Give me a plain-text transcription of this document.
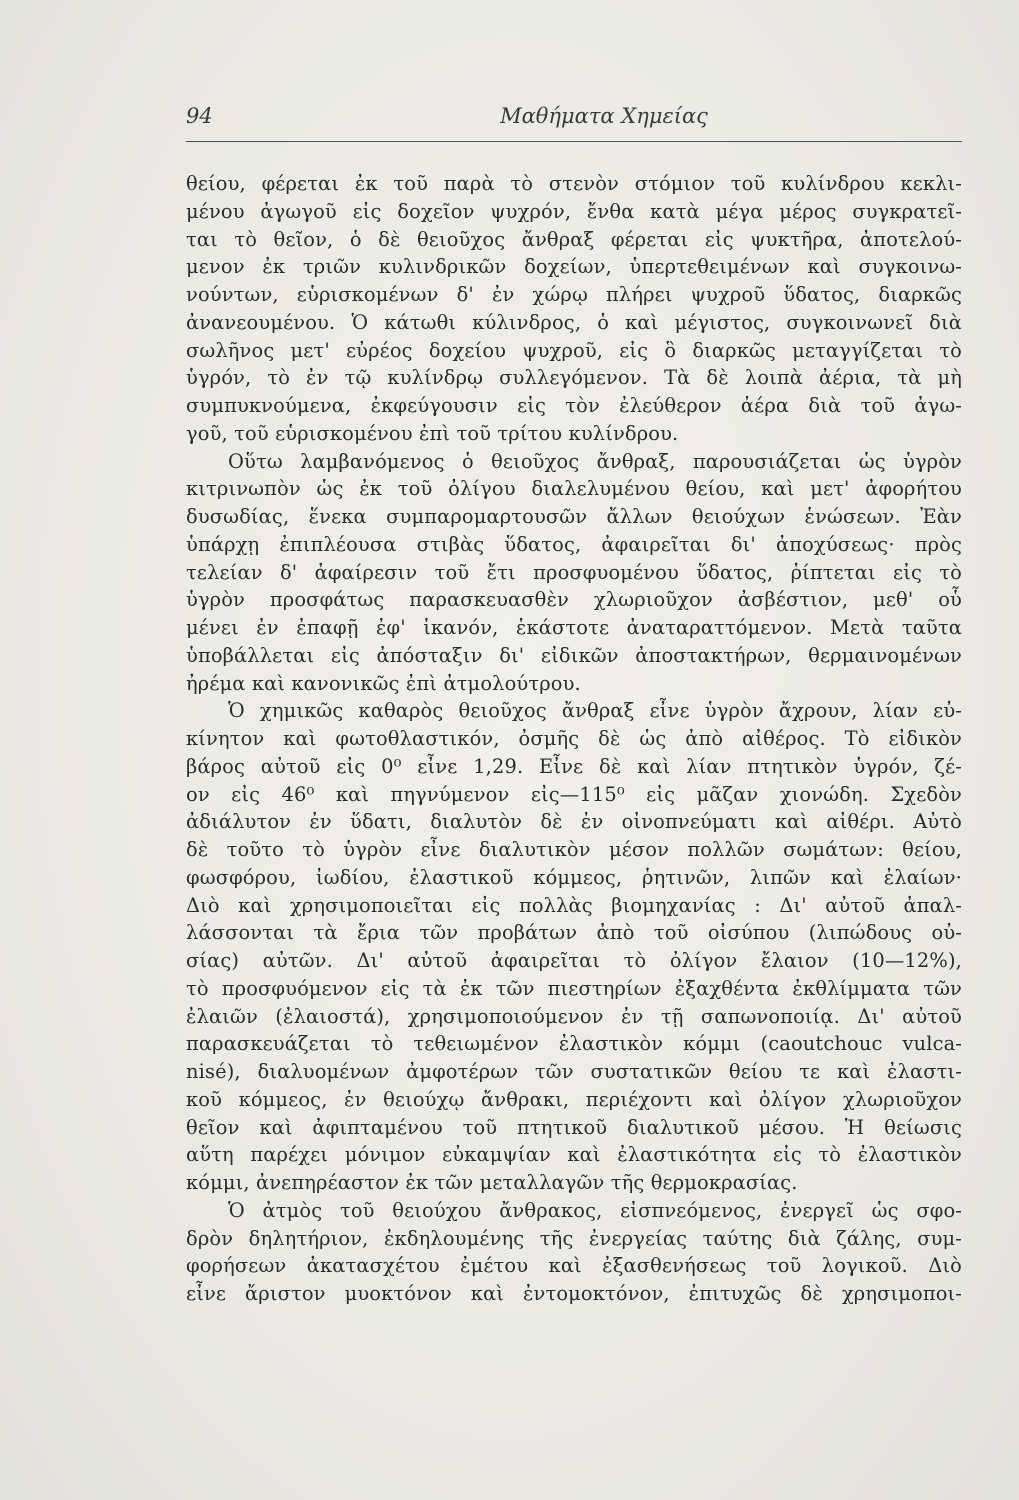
94	Μαθήματα Χημείας
θείου, φέρεται ἐκ τοῦ παρὰ τὸ στενὸν στόμιον τοῦ κυλίνδρου κεκλι-
μένου ἀγωγοῦ εἰς δοχεῖον ψυχρόν, ἔνθα κατὰ μέγα μέρος συγκρατεῖ-
ται τὸ θεῖον, ὁ δὲ θειοῦχος ἄνθραξ φέρεται εἰς ψυκτῆρα, ἀποτελού-
μενον ἐκ τριῶν κυλινδρικῶν δοχείων, ὑπερτεθειμένων καὶ συγκοινω-
νούντων, εὑρισκομένων δ' ἐν χώρῳ πλήρει ψυχροῦ ὕδατος, διαρκῶς
ἀνανεουμένου. Ὁ κάτωθι κύλινδρος, ὁ καὶ μέγιστος, συγκοινωνεῖ διὰ
σωλῆνος μετ' εὐρέος δοχείου ψυχροῦ, εἰς ὃ διαρκῶς μεταγγίζεται τὸ
ὑγρόν, τὸ ἐν τῷ κυλίνδρῳ συλλεγόμενον. Τὰ δὲ λοιπὰ ἀέρια, τὰ μὴ
συμπυκνούμενα, ἐκφεύγουσιν εἰς τὸν ἐλεύθερον ἀέρα διὰ τοῦ ἀγω-
γοῦ, τοῦ εὑρισκομένου ἐπὶ τοῦ τρίτου κυλίνδρου.
Οὕτω λαμβανόμενος ὁ θειοῦχος ἄνθραξ, παρουσιάζεται ὡς ὑγρὸν
κιτρινωπὸν ὡς ἐκ τοῦ ὀλίγου διαλελυμένου θείου, καὶ μετ' ἀφορήτου
δυσωδίας, ἕνεκα συμπαρομαρτουσῶν ἄλλων θειούχων ἑνώσεων. Ἐὰν
ὑπάρχῃ ἐπιπλέουσα στιβὰς ὕδατος, ἀφαιρεῖται δι' ἀποχύσεως· πρὸς
τελείαν δ' ἀφαίρεσιν τοῦ ἔτι προσφυομένου ὕδατος, ῥίπτεται εἰς τὸ
ὑγρὸν προσφάτως παρασκευασθὲν χλωριοῦχον ἀσβέστιον, μεθ' οὗ
μένει ἐν ἐπαφῇ ἐφ' ἱκανόν, ἑκάστοτε ἀναταραττόμενον. Μετὰ ταῦτα
ὑποβάλλεται εἰς ἀπόσταξιν δι' εἰδικῶν ἀποστακτήρων, θερμαινομένων
ἠρέμα καὶ κανονικῶς ἐπὶ ἀτμολούτρου.
Ὁ χημικῶς καθαρὸς θειοῦχος ἄνθραξ εἶνε ὑγρὸν ἄχρουν, λίαν εὐ-
κίνητον καὶ φωτοθλαστικόν, ὀσμῆς δὲ ὡς ἀπὸ αἰθέρος. Τὸ εἰδικὸν
βάρος αὐτοῦ εἰς 0⁰ εἶνε 1,29. Εἶνε δὲ καὶ λίαν πτητικὸν ὑγρόν, ζέ-
ον εἰς 46⁰ καὶ πηγνύμενον εἰς—115⁰ εἰς μᾶζαν χιονώδη. Σχεδὸν
ἀδιάλυτον ἐν ὕδατι, διαλυτὸν δὲ ἐν οἰνοπνεύματι καὶ αἰθέρι. Αὐτὸ
δὲ τοῦτο τὸ ὑγρὸν εἶνε διαλυτικὸν μέσον πολλῶν σωμάτων: θείου,
φωσφόρου, ἰωδίου, ἐλαστικοῦ κόμμεος, ῥητινῶν, λιπῶν καὶ ἐλαίων·
Διὸ καὶ χρησιμοποιεῖται εἰς πολλὰς βιομηχανίας : Δι' αὐτοῦ ἀπαλ-
λάσσονται τὰ ἔρια τῶν προβάτων ἀπὸ τοῦ οἰσύπου (λιπώδους οὐ-
σίας) αὐτῶν. Δι' αὐτοῦ ἀφαιρεῖται τὸ ὀλίγον ἔλαιον (10—12%),
τὸ προσφυόμενον εἰς τὰ ἐκ τῶν πιεστηρίων ἐξαχθέντα ἐκθλίμματα τῶν
ἐλαιῶν (ἐλαιοστά), χρησιμοποιούμενον ἐν τῇ σαπωνοποιίᾳ. Δι' αὐτοῦ
παρασκευάζεται τὸ τεθειωμένον ἐλαστικὸν κόμμι (caoutchouc vulca-
nisé), διαλυομένων ἀμφοτέρων τῶν συστατικῶν θείου τε καὶ ἐλαστι-
κοῦ κόμμεος, ἐν θειούχῳ ἄνθρακι, περιέχοντι καὶ ὀλίγον χλωριοῦχον
θεῖον καὶ ἀφιπταμένου τοῦ πτητικοῦ διαλυτικοῦ μέσου. Ἡ θείωσις
αὕτη παρέχει μόνιμον εὐκαμψίαν καὶ ἐλαστικότητα εἰς τὸ ἐλαστικὸν
κόμμι, ἀνεπηρέαστον ἐκ τῶν μεταλλαγῶν τῆς θερμοκρασίας.
Ὁ ἀτμὸς τοῦ θειούχου ἄνθρακος, εἰσπνεόμενος, ἐνεργεῖ ὡς σφο-
δρὸν δηλητήριον, ἐκδηλουμένης τῆς ἐνεργείας ταύτης διὰ ζάλης, συμ-
φορήσεων ἀκατασχέτου ἐμέτου καὶ ἐξασθενήσεως τοῦ λογικοῦ. Διὸ
εἶνε ἄριστον μυοκτόνον καὶ ἐντομοκτόνον, ἐπιτυχῶς δὲ χρησιμοποι-
